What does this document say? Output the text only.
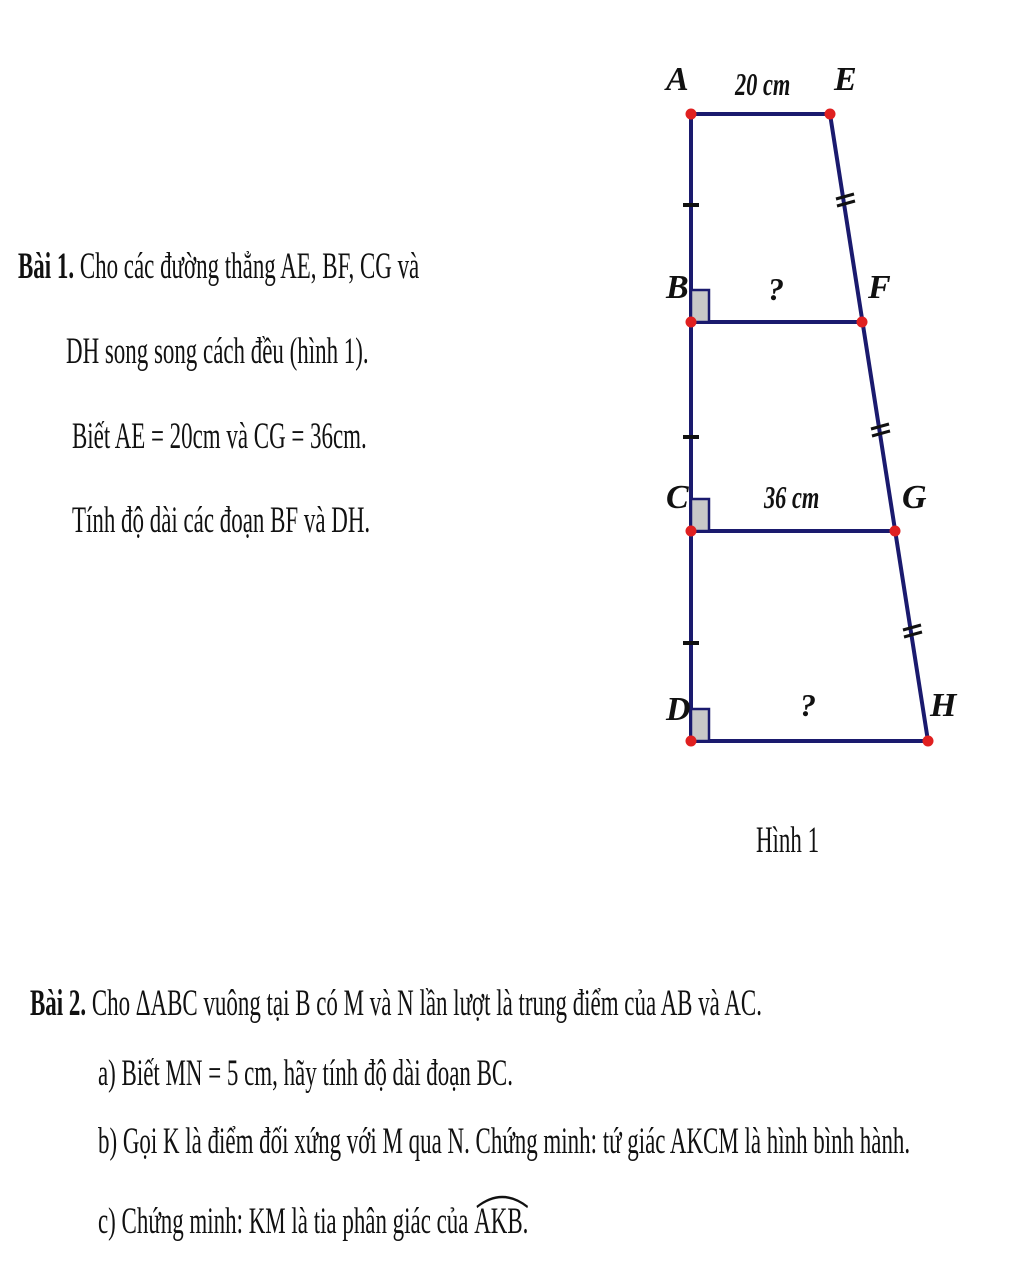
Bài 1. Cho các đường thẳng AE, BF, CG và
DH song song cách đều (hình 1).
Biết AE = 20cm và CG = 36cm.
Tính độ dài các đoạn BF và DH.
A	E
B	F
C	G
D	H
20 cm
?
36 cm
?
Hình 1
Bài 2. Cho ΔABC vuông tại B có M và N lần lượt là trung điểm của AB và AC.
a) Biết MN = 5 cm, hãy tính độ dài đoạn BC.
b) Gọi K là điểm đối xứng với M qua N. Chứng minh: tứ giác AKCM là hình bình hành.
c) Chứng minh: KM là tia phân giác của AKB.
